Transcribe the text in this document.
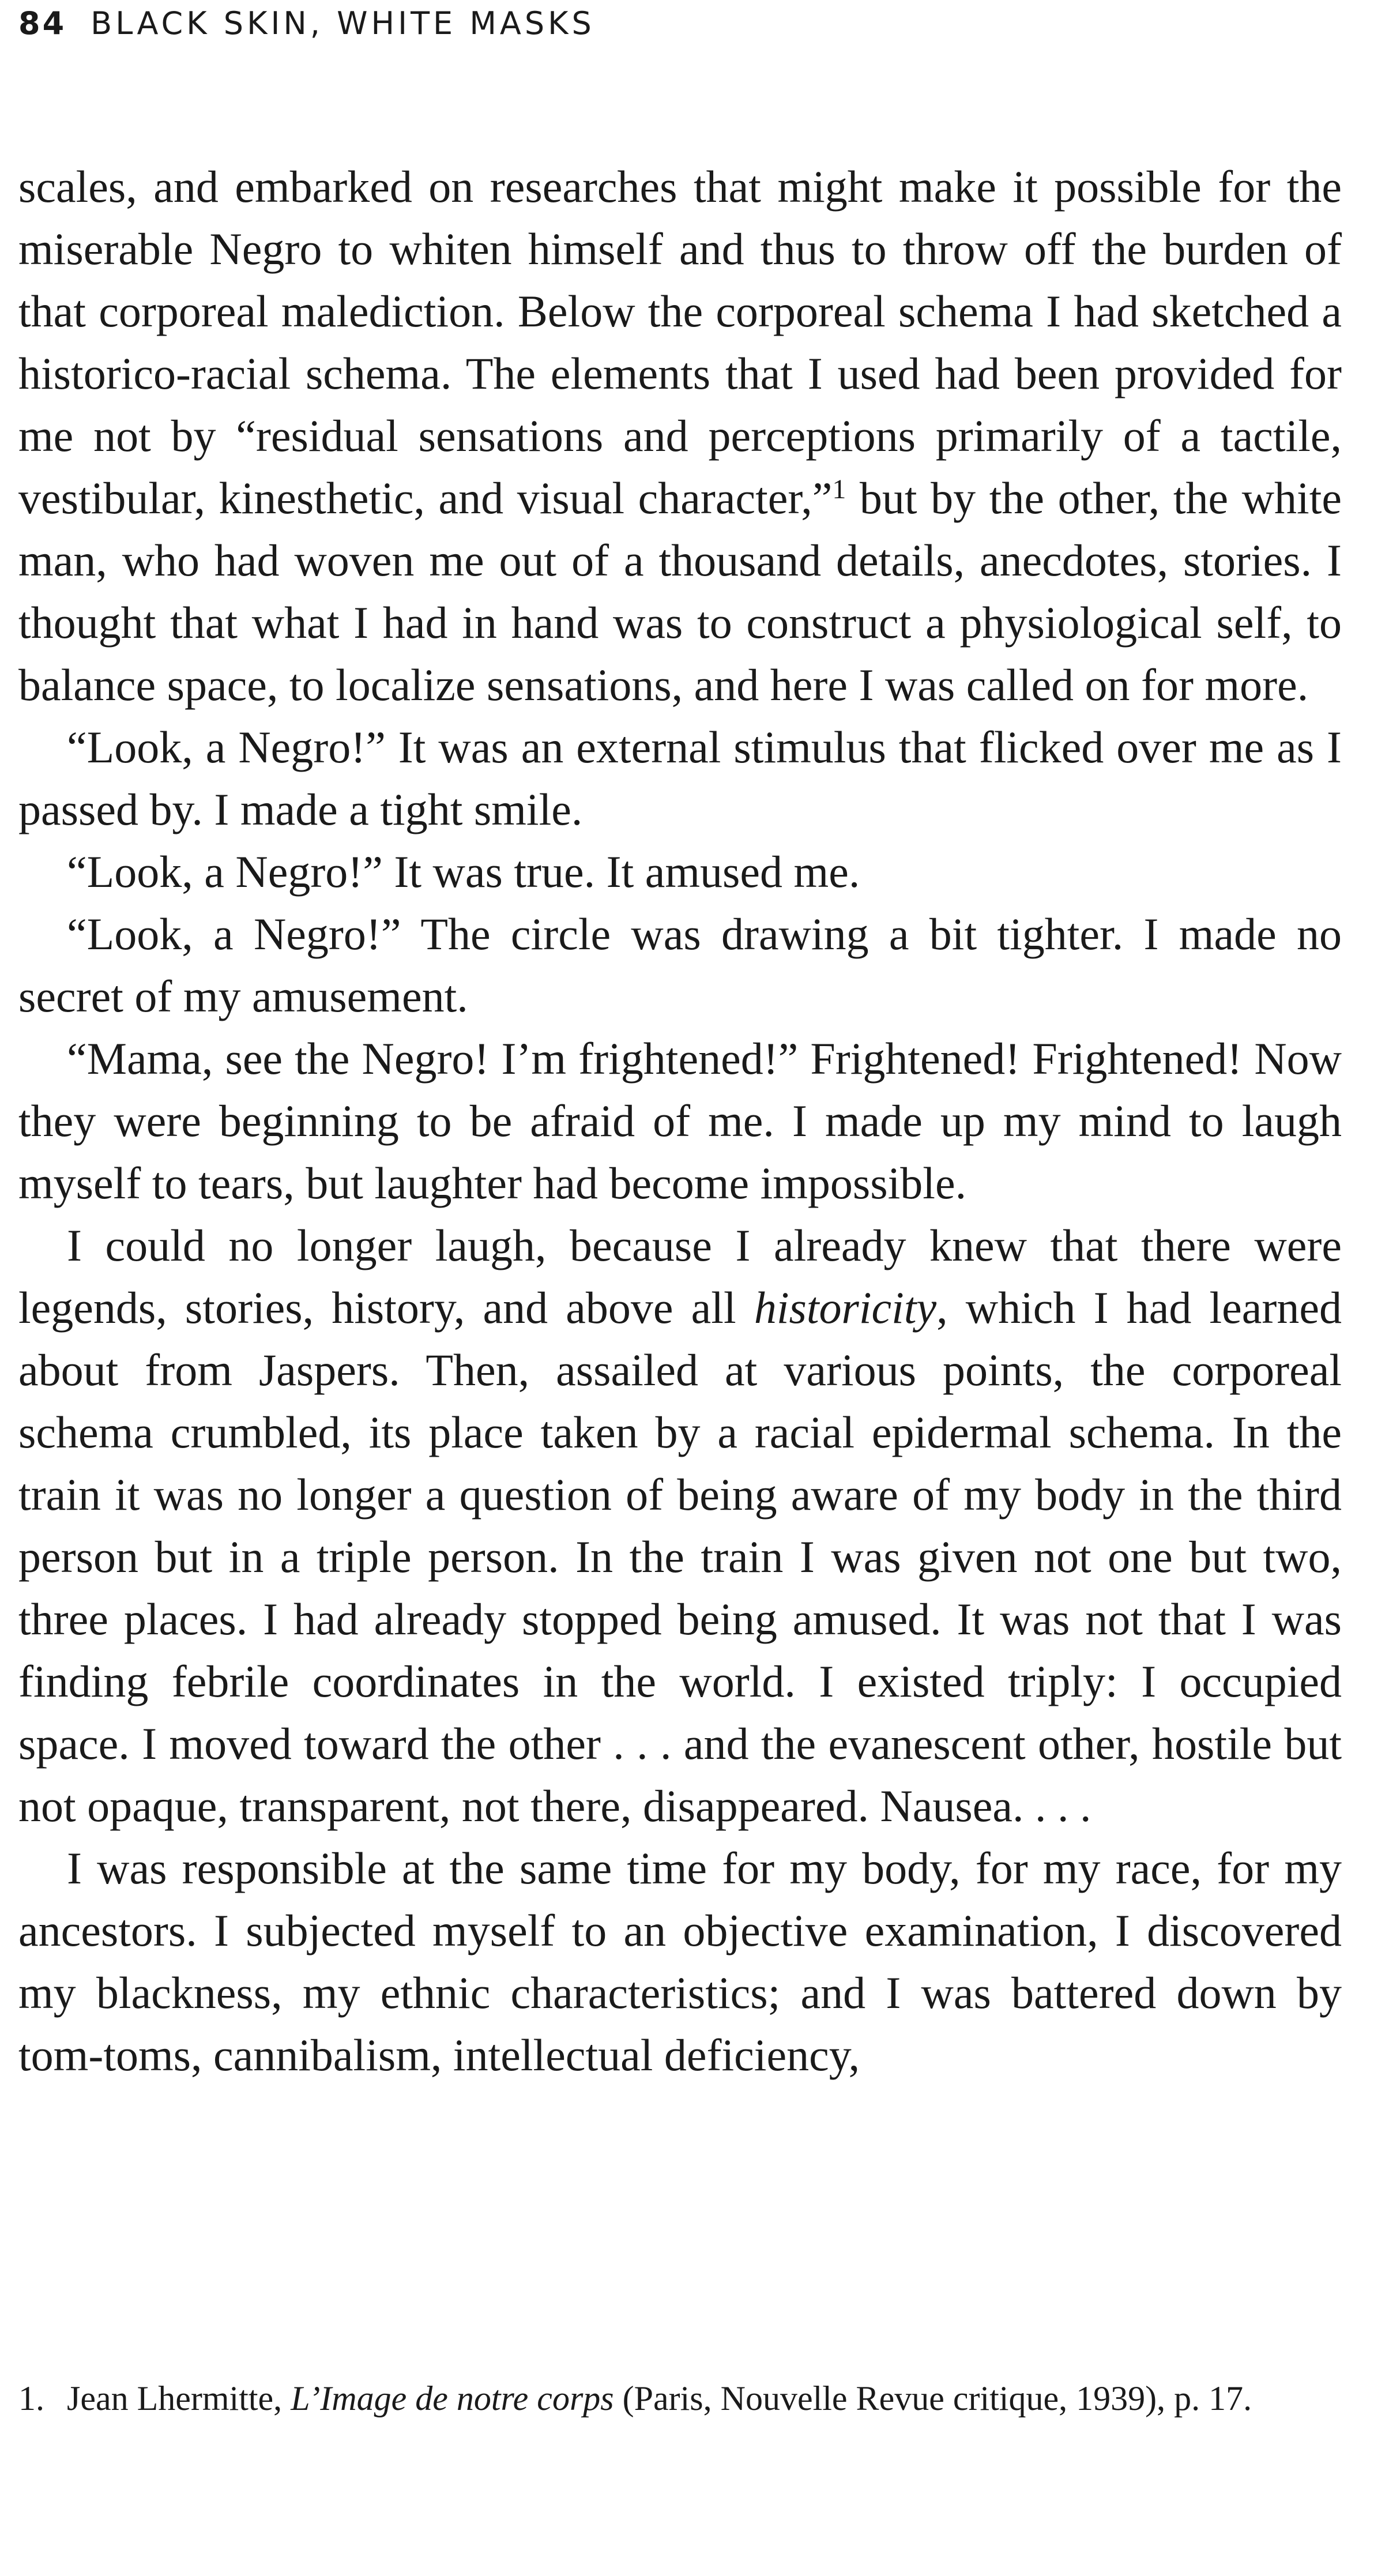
84 BLACK SKIN, WHITE MASKS

scales, and embarked on researches that might make it possible for the miserable Negro to whiten himself and thus to throw off the burden of that corporeal malediction. Below the corporeal schema I had sketched a historico-racial schema. The elements that I used had been provided for me not by “residual sensations and perceptions primarily of a tactile, vestibular, kinesthetic, and visual character,”$^1$ but by the other, the white man, who had woven me out of a thousand details, anecdotes, stories. I thought that what I had in hand was to construct a physiological self, to balance space, to localize sensations, and here I was called on for more.

“Look, a Negro!” It was an external stimulus that flicked over me as I passed by. I made a tight smile.

“Look, a Negro!” It was true. It amused me.

“Look, a Negro!” The circle was drawing a bit tighter. I made no secret of my amusement.

“Mama, see the Negro! I’m frightened!” Frightened! Frightened! Now they were beginning to be afraid of me. I made up my mind to laugh myself to tears, but laughter had become impossible.

I could no longer laugh, because I already knew that there were legends, stories, history, and above all historicity, which I had learned about from Jaspers. Then, assailed at various points, the corporeal schema crumbled, its place taken by a racial epidermal schema. In the train it was no longer a question of being aware of my body in the third person but in a triple person. In the train I was given not one but two, three places. I had already stopped being amused. It was not that I was finding febrile coordinates in the world. I existed triply: I occupied space. I moved toward the other . . . and the evanescent other, hostile but not opaque, transparent, not there, disappeared. Nausea. . . .

I was responsible at the same time for my body, for my race, for my ancestors. I subjected myself to an objective examination, I discovered my blackness, my ethnic characteristics; and I was battered down by tom-toms, cannibalism, intellectual deficiency,

1. Jean Lhermitte, L’Image de notre corps (Paris, Nouvelle Revue critique, 1939), p. 17.
